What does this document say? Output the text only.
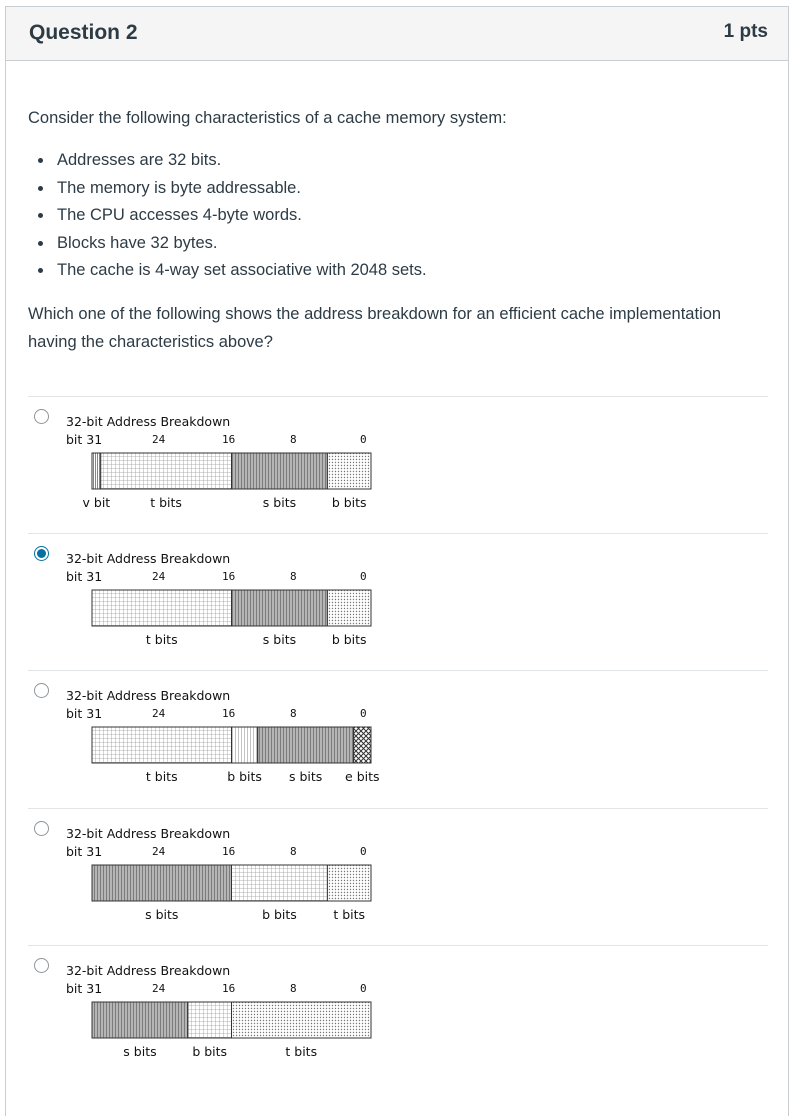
Question 2	1 pts
Consider the following characteristics of a cache memory system:
Addresses are 32 bits.
The memory is byte addressable.
The CPU accesses 4-byte words.
Blocks have 32 bytes.
The cache is 4-way set associative with 2048 sets.
Which one of the following shows the address breakdown for an efficient cache implementation having the characteristics above?
32-bit Address Breakdown
bit 31	24	16	8	0
v bit	t bits	s bits	b bits
32-bit Address Breakdown
bit 31	24	16	8	0
t bits	s bits	b bits
32-bit Address Breakdown
bit 31	24	16	8	0
t bits	b bits s bits e bits
32-bit Address Breakdown
bit 31	24	16	8	0
s bits	b bits	t bits
32-bit Address Breakdown
bit 31	24	16	8	0
s bits	b bits	t bits
